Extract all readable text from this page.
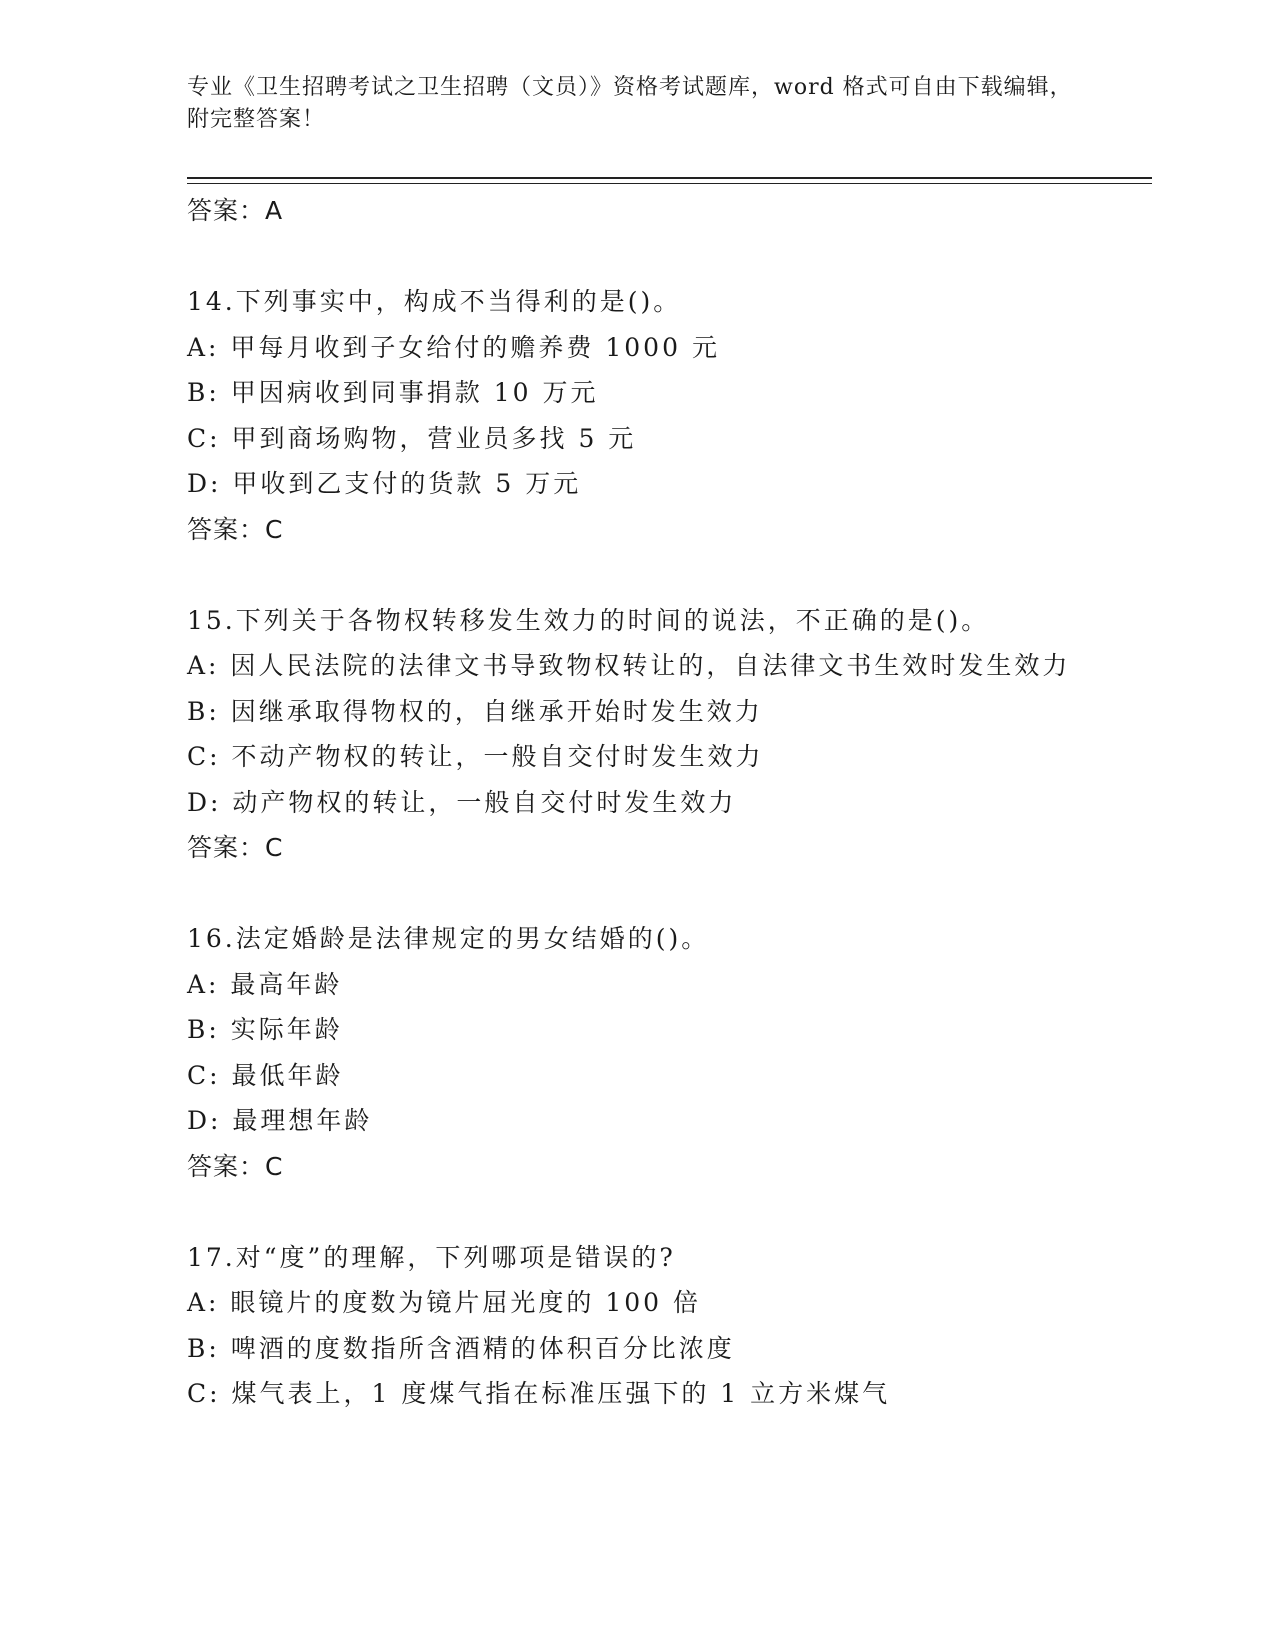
专业《卫生招聘考试之卫生招聘（文员）》资格考试题库，word 格式可自由下载编辑，附完整答案！
答案：A
14.下列事实中，构成不当得利的是()。
A: 甲每月收到子女给付的赡养费 1000 元
B: 甲因病收到同事捐款 10 万元
C: 甲到商场购物，营业员多找 5 元
D: 甲收到乙支付的货款 5 万元
答案：C
15.下列关于各物权转移发生效力的时间的说法，不正确的是()。
A: 因人民法院的法律文书导致物权转让的，自法律文书生效时发生效力
B: 因继承取得物权的，自继承开始时发生效力
C: 不动产物权的转让，一般自交付时发生效力
D: 动产物权的转让，一般自交付时发生效力
答案：C
16.法定婚龄是法律规定的男女结婚的()。
A: 最高年龄
B: 实际年龄
C: 最低年龄
D: 最理想年龄
答案：C
17.对“度”的理解，下列哪项是错误的?
A: 眼镜片的度数为镜片屈光度的 100 倍
B: 啤酒的度数指所含酒精的体积百分比浓度
C: 煤气表上，1 度煤气指在标准压强下的 1 立方米煤气
